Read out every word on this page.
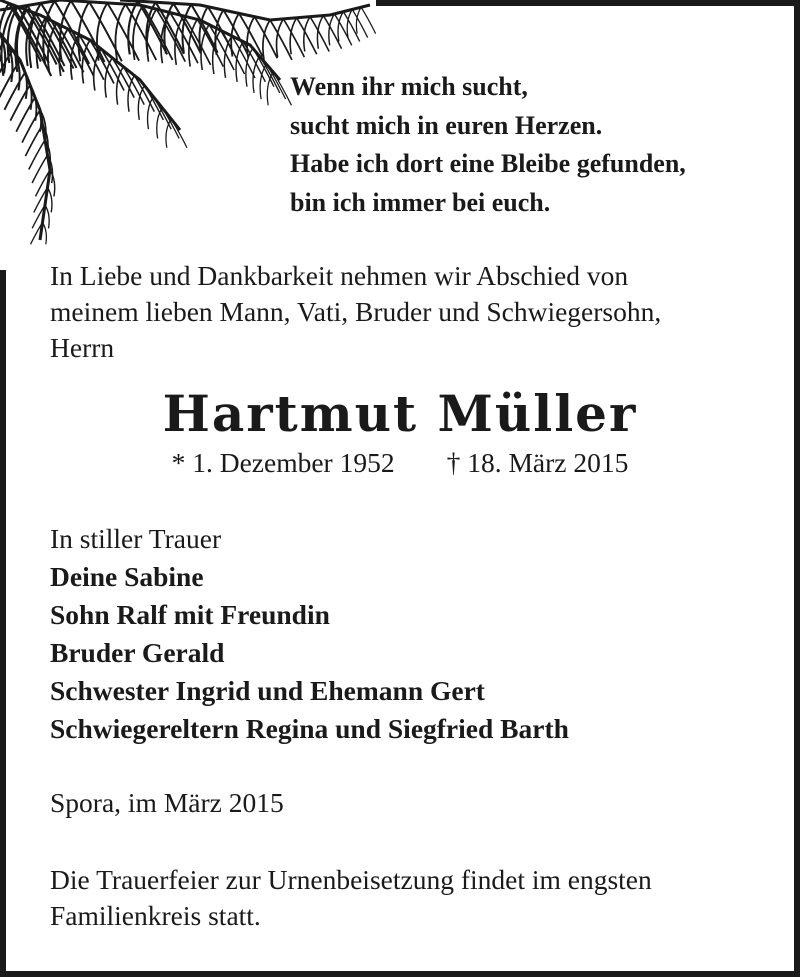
Wenn ihr mich sucht,
sucht mich in euren Herzen.
Habe ich dort eine Bleibe gefunden,
bin ich immer bei euch.
In Liebe und Dankbarkeit nehmen wir Abschied von
meinem lieben Mann, Vati, Bruder und Schwiegersohn,
Herrn
Hartmut Müller
* 1. Dezember 1952 † 18. März 2015
In stiller Trauer
Deine Sabine
Sohn Ralf mit Freundin
Bruder Gerald
Schwester Ingrid und Ehemann Gert
Schwiegereltern Regina und Siegfried Barth
Spora, im März 2015
Die Trauerfeier zur Urnenbeisetzung findet im engsten
Familienkreis statt.
